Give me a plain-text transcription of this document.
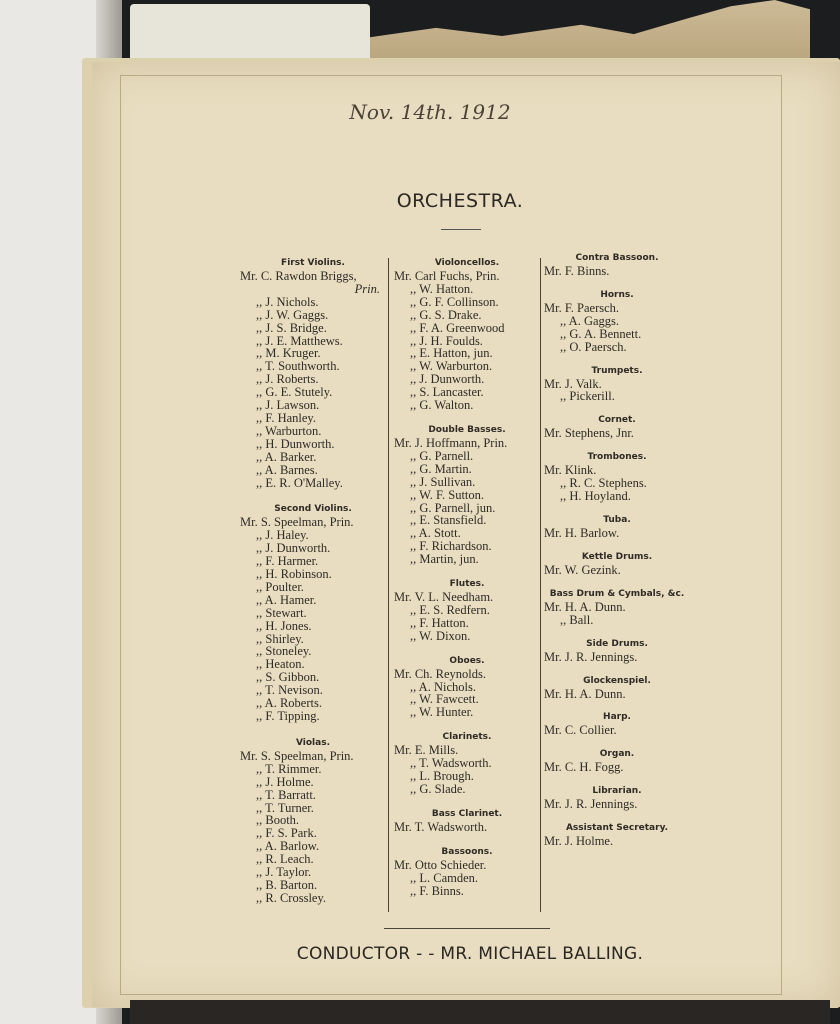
Nov. 14th. 1912
ORCHESTRA.
First Violins.
Mr. C. Rawdon Briggs,
Prin.
,, J. Nichols.
,, J. W. Gaggs.
,, J. S. Bridge.
,, J. E. Matthews.
,, M. Kruger.
,, T. Southworth.
,, J. Roberts.
,, G. E. Stutely.
,, J. Lawson.
,, F. Hanley.
,, Warburton.
,, H. Dunworth.
,, A. Barker.
,, A. Barnes.
,, E. R. O'Malley.
Second Violins.
Mr. S. Speelman, Prin.
,, J. Haley.
,, J. Dunworth.
,, F. Harmer.
,, H. Robinson.
,, Poulter.
,, A. Hamer.
,, Stewart.
,, H. Jones.
,, Shirley.
,, Stoneley.
,, Heaton.
,, S. Gibbon.
,, T. Nevison.
,, A. Roberts.
,, F. Tipping.
Violas.
Mr. S. Speelman, Prin.
,, T. Rimmer.
,, J. Holme.
,, T. Barratt.
,, T. Turner.
,, Booth.
,, F. S. Park.
,, A. Barlow.
,, R. Leach.
,, J. Taylor.
,, B. Barton.
,, R. Crossley.
Violoncellos.
Mr. Carl Fuchs, Prin.
,, W. Hatton.
,, G. F. Collinson.
,, G. S. Drake.
,, F. A. Greenwood
,, J. H. Foulds.
,, E. Hatton, jun.
,, W. Warburton.
,, J. Dunworth.
,, S. Lancaster.
,, G. Walton.
Double Basses.
Mr. J. Hoffmann, Prin.
,, G. Parnell.
,, G. Martin.
,, J. Sullivan.
,, W. F. Sutton.
,, G. Parnell, jun.
,, E. Stansfield.
,, A. Stott.
,, F. Richardson.
,, Martin, jun.
Flutes.
Mr. V. L. Needham.
,, E. S. Redfern.
,, F. Hatton.
,, W. Dixon.
Oboes.
Mr. Ch. Reynolds.
,, A. Nichols.
,, W. Fawcett.
,, W. Hunter.
Clarinets.
Mr. E. Mills.
,, T. Wadsworth.
,, L. Brough.
,, G. Slade.
Bass Clarinet.
Mr. T. Wadsworth.
Bassoons.
Mr. Otto Schieder.
,, L. Camden.
,, F. Binns.
Contra Bassoon.
Mr. F. Binns.
Horns.
Mr. F. Paersch.
,, A. Gaggs.
,, G. A. Bennett.
,, O. Paersch.
Trumpets.
Mr. J. Valk.
,, Pickerill.
Cornet.
Mr. Stephens, Jnr.
Trombones.
Mr. Klink.
,, R. C. Stephens.
,, H. Hoyland.
Tuba.
Mr. H. Barlow.
Kettle Drums.
Mr. W. Gezink.
Bass Drum & Cymbals, &c.
Mr. H. A. Dunn.
,, Ball.
Side Drums.
Mr. J. R. Jennings.
Glockenspiel.
Mr. H. A. Dunn.
Harp.
Mr. C. Collier.
Organ.
Mr. C. H. Fogg.
Librarian.
Mr. J. R. Jennings.
Assistant Secretary.
Mr. J. Holme.
CONDUCTOR - - MR. MICHAEL BALLING.
